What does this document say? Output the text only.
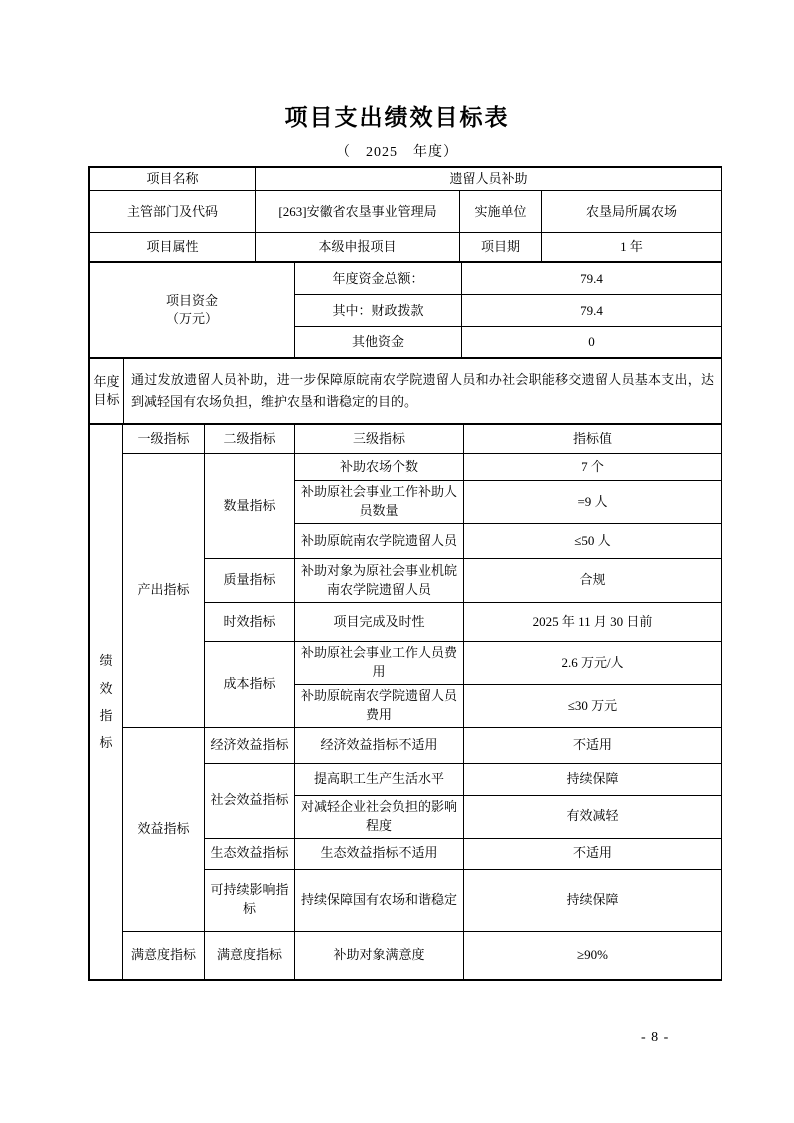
项目支出绩效目标表
（　2025　年度）
项目名称	遗留人员补助		
主管部门及代码	[263]安徽省农垦事业管理局	实施单位	农垦局所属农场
项目属性	本级申报项目	项目期	1 年
项目资金
（万元）	年度资金总额：	79.4
	其中：财政拨款	79.4
	其他资金	0
年度目标	通过发放遗留人员补助，进一步保障原皖南农学院遗留人员和办社会职能移交遗留人员基本支出，达到减轻国有农场负担，维护农垦和谐稳定的目的。
绩效指标	一级指标	二级指标	三级指标	指标值
	产出指标	数量指标	补助农场个数	7 个
			补助原社会事业工作补助人员数量	=9 人
			补助原皖南农学院遗留人员	≤50 人
		质量指标	补助对象为原社会事业机皖南农学院遗留人员	合规
		时效指标	项目完成及时性	2025 年 11 月 30 日前
		成本指标	补助原社会事业工作人员费用	2.6 万元/人
			补助原皖南农学院遗留人员费用	≤30 万元
	效益指标	经济效益指标	经济效益指标不适用	不适用
		社会效益指标	提高职工生产生活水平	持续保障
			对减轻企业社会负担的影响程度	有效减轻
		生态效益指标	生态效益指标不适用	不适用
		可持续影响指标	持续保障国有农场和谐稳定	持续保障
	满意度指标	满意度指标	补助对象满意度	≥90%
- 8 -
